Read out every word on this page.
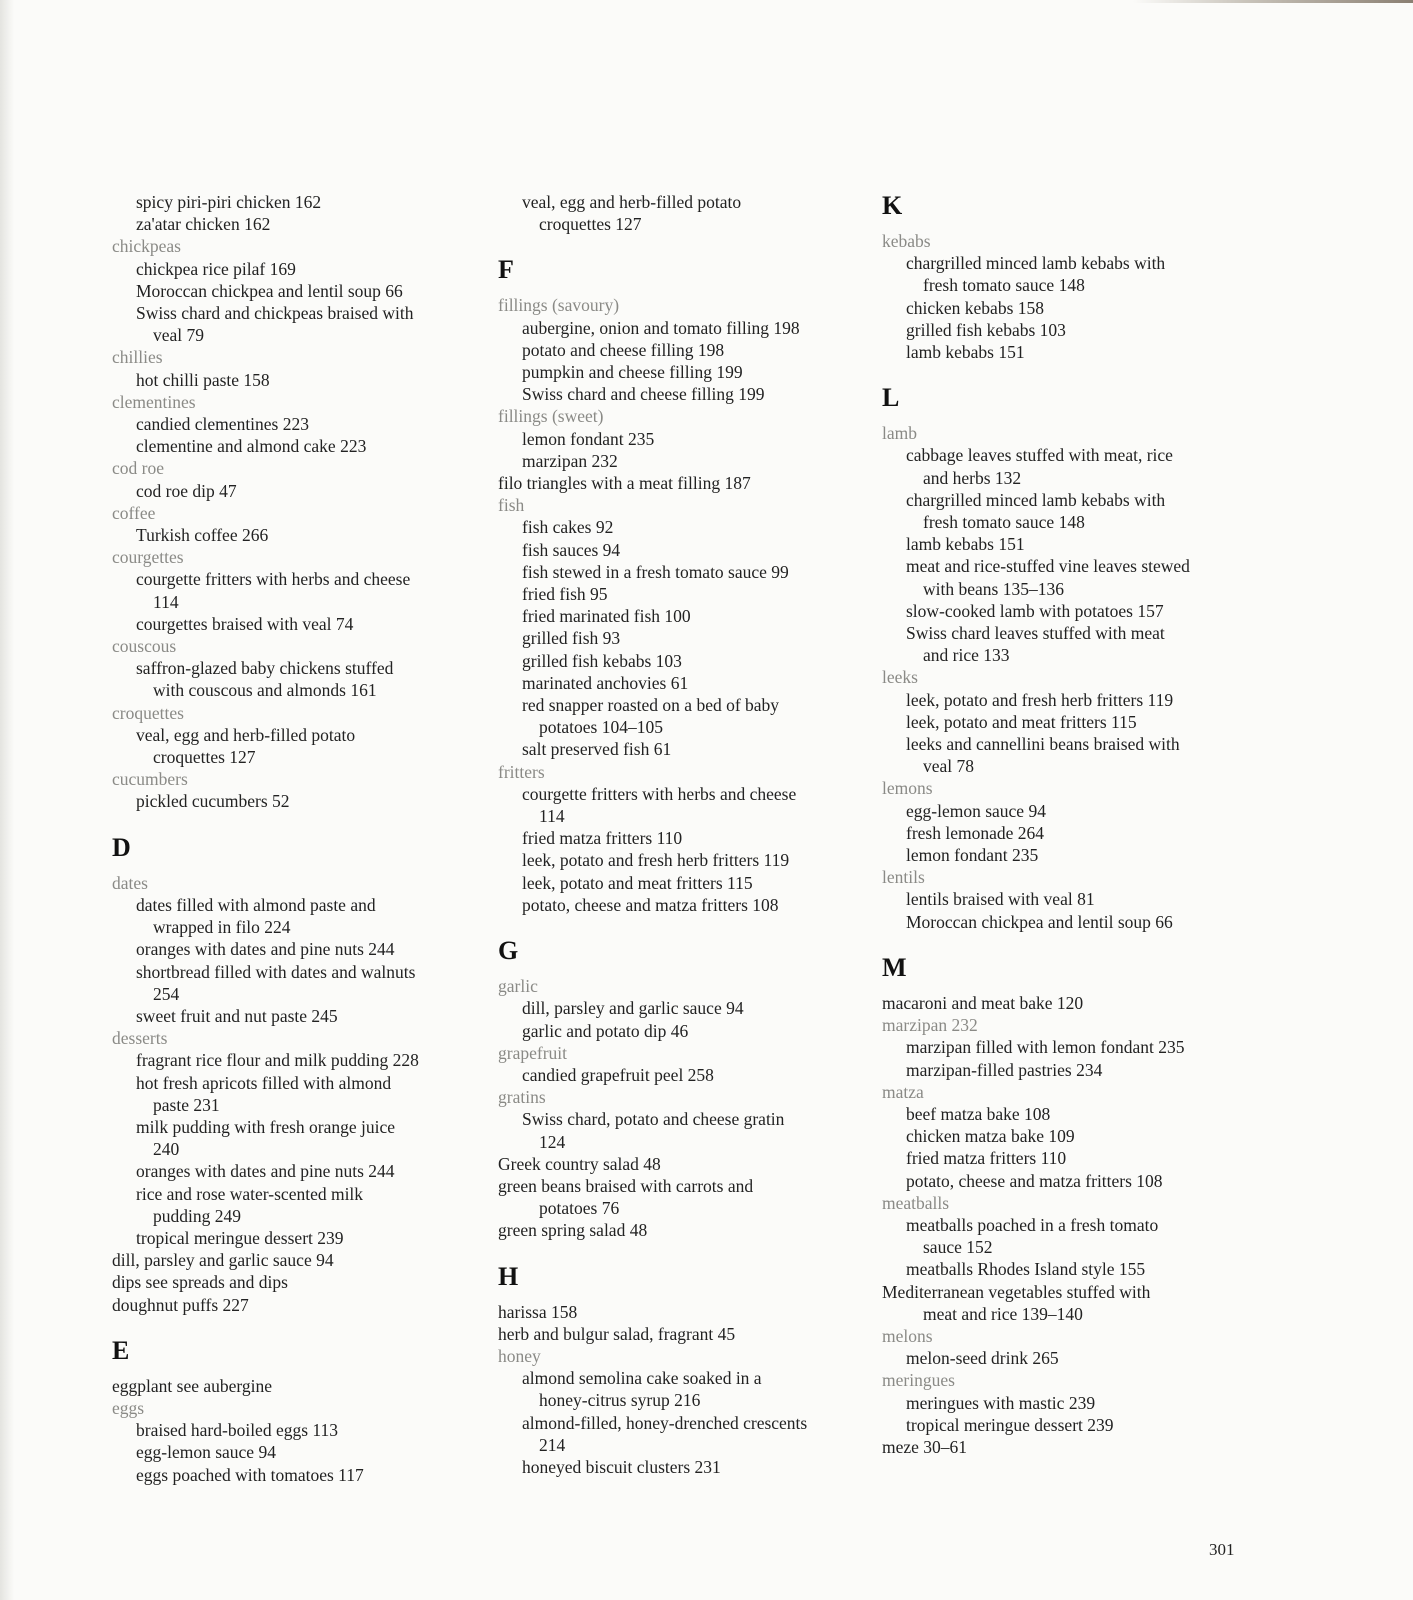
spicy piri-piri chicken 162
za'atar chicken 162
chickpeas
chickpea rice pilaf 169
Moroccan chickpea and lentil soup 66
Swiss chard and chickpeas braised with
veal 79
chillies
hot chilli paste 158
clementines
candied clementines 223
clementine and almond cake 223
cod roe
cod roe dip 47
coffee
Turkish coffee 266
courgettes
courgette fritters with herbs and cheese
114
courgettes braised with veal 74
couscous
saffron-glazed baby chickens stuffed
with couscous and almonds 161
croquettes
veal, egg and herb-filled potato
croquettes 127
cucumbers
pickled cucumbers 52
D
dates
dates filled with almond paste and
wrapped in filo 224
oranges with dates and pine nuts 244
shortbread filled with dates and walnuts
254
sweet fruit and nut paste 245
desserts
fragrant rice flour and milk pudding 228
hot fresh apricots filled with almond
paste 231
milk pudding with fresh orange juice
240
oranges with dates and pine nuts 244
rice and rose water-scented milk
pudding 249
tropical meringue dessert 239
dill, parsley and garlic sauce 94
dips see spreads and dips
doughnut puffs 227
E
eggplant see aubergine
eggs
braised hard-boiled eggs 113
egg-lemon sauce 94
eggs poached with tomatoes 117
veal, egg and herb-filled potato
croquettes 127
F
fillings (savoury)
aubergine, onion and tomato filling 198
potato and cheese filling 198
pumpkin and cheese filling 199
Swiss chard and cheese filling 199
fillings (sweet)
lemon fondant 235
marzipan 232
filo triangles with a meat filling 187
fish
fish cakes 92
fish sauces 94
fish stewed in a fresh tomato sauce 99
fried fish 95
fried marinated fish 100
grilled fish 93
grilled fish kebabs 103
marinated anchovies 61
red snapper roasted on a bed of baby
potatoes 104–105
salt preserved fish 61
fritters
courgette fritters with herbs and cheese
114
fried matza fritters 110
leek, potato and fresh herb fritters 119
leek, potato and meat fritters 115
potato, cheese and matza fritters 108
G
garlic
dill, parsley and garlic sauce 94
garlic and potato dip 46
grapefruit
candied grapefruit peel 258
gratins
Swiss chard, potato and cheese gratin
124
Greek country salad 48
green beans braised with carrots and
potatoes 76
green spring salad 48
H
harissa 158
herb and bulgur salad, fragrant 45
honey
almond semolina cake soaked in a
honey-citrus syrup 216
almond-filled, honey-drenched crescents
214
honeyed biscuit clusters 231
K
kebabs
chargrilled minced lamb kebabs with
fresh tomato sauce 148
chicken kebabs 158
grilled fish kebabs 103
lamb kebabs 151
L
lamb
cabbage leaves stuffed with meat, rice
and herbs 132
chargrilled minced lamb kebabs with
fresh tomato sauce 148
lamb kebabs 151
meat and rice-stuffed vine leaves stewed
with beans 135–136
slow-cooked lamb with potatoes 157
Swiss chard leaves stuffed with meat
and rice 133
leeks
leek, potato and fresh herb fritters 119
leek, potato and meat fritters 115
leeks and cannellini beans braised with
veal 78
lemons
egg-lemon sauce 94
fresh lemonade 264
lemon fondant 235
lentils
lentils braised with veal 81
Moroccan chickpea and lentil soup 66
M
macaroni and meat bake 120
marzipan 232
marzipan filled with lemon fondant 235
marzipan-filled pastries 234
matza
beef matza bake 108
chicken matza bake 109
fried matza fritters 110
potato, cheese and matza fritters 108
meatballs
meatballs poached in a fresh tomato
sauce 152
meatballs Rhodes Island style 155
Mediterranean vegetables stuffed with
meat and rice 139–140
melons
melon-seed drink 265
meringues
meringues with mastic 239
tropical meringue dessert 239
meze 30–61
301
